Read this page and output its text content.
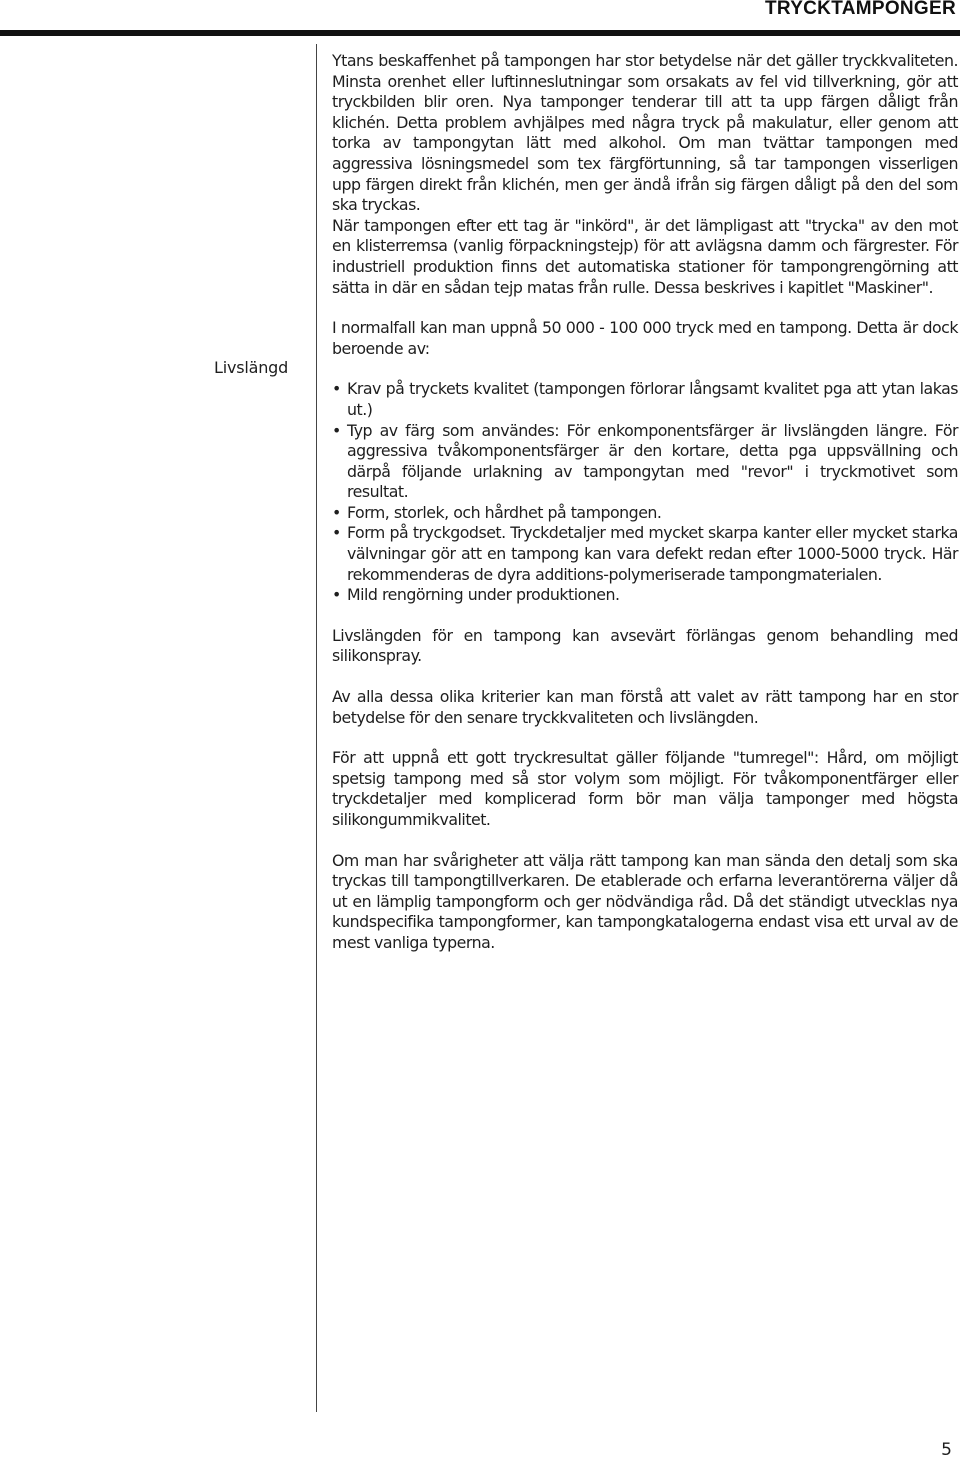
TRYCKTAMPONGER
Livslängd

Ytans beskaffenhet på tampongen har stor betydelse när det gäller tryckkvaliteten. Minsta orenhet eller luftinneslutningar som orsakats av fel vid tillverkning, gör att tryckbilden blir oren. Nya tamponger tenderar till att ta upp färgen dåligt från klichén. Detta problem avhjälpes med några tryck på makulatur, eller genom att torka av tampongytan lätt med alkohol. Om man tvättar tampongen med aggressiva lösningsmedel som tex färgförtunning, så tar tampongen visserligen upp färgen direkt från klichén, men ger ändå ifrån sig färgen dåligt på den del som ska tryckas.

När tampongen efter ett tag är "inkörd", är det lämpligast att "trycka" av den mot en klisterremsa (vanlig förpackningstejp) för att avlägsna damm och färgrester. För industriell produktion finns det automatiska stationer för tampongrengörning att sätta in där en sådan tejp matas från rulle. Dessa beskrives i kapitlet "Maskiner".

I normalfall kan man uppnå 50 000 - 100 000 tryck med en tampong. Detta är dock beroende av:

• Krav på tryckets kvalitet (tampongen förlorar långsamt kvalitet pga att ytan lakas ut.)
• Typ av färg som användes: För enkomponentsfärger är livslängden längre. För aggressiva tvåkomponentsfärger är den kortare, detta pga uppsvällning och därpå följande urlakning av tampongytan med "revor" i tryckmotivet som resultat.
• Form, storlek, och hårdhet på tampongen.
• Form på tryckgodset. Tryckdetaljer med mycket skarpa kanter eller mycket starka välvningar gör att en tampong kan vara defekt redan efter 1000-5000 tryck. Här rekommenderas de dyra additions-polymeriserade tampongmaterialen.
• Mild rengörning under produktionen.

Livslängden för en tampong kan avsevärt förlängas genom behandling med silikonspray.

Av alla dessa olika kriterier kan man förstå att valet av rätt tampong har en stor betydelse för den senare tryckkvaliteten och livslängden.

För att uppnå ett gott tryckresultat gäller följande "tumregel": Hård, om möjligt spetsig tampong med så stor volym som möjligt. För tvåkomponentfärger eller tryckdetaljer med komplicerad form bör man välja tamponger med högsta silikongummikvalitet.

Om man har svårigheter att välja rätt tampong kan man sända den detalj som ska tryckas till tampongtillverkaren. De etablerade och erfarna leverantörerna väljer då ut en lämplig tampongform och ger nödvändiga råd. Då det ständigt utvecklas nya kundspecifika tampongformer, kan tampongkatalogerna endast visa ett urval av de mest vanliga typerna.

5
